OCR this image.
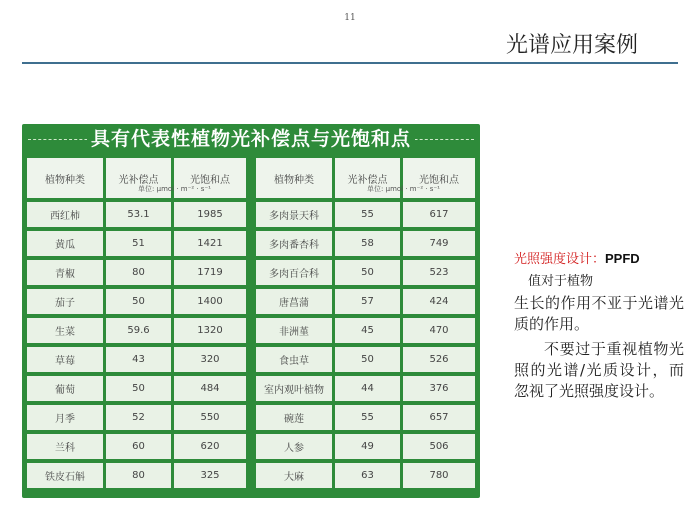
11
光谱应用案例
具有代表性植物光补偿点与光饱和点
植物种类	光补偿点	光饱和点
单位: μmol · m⁻² · s⁻¹
西红柿	53.1	1985
黄瓜	51	1421
青椒	80	1719
茄子	50	1400
生菜	59.6	1320
草莓	43	320
葡萄	50	484
月季	52	550
兰科	60	620
铁皮石斛	80	325
植物种类	光补偿点	光饱和点
单位: μmol · m⁻² · s⁻¹
多肉景天科	55	617
多肉番杏科	58	749
多肉百合科	50	523
唐菖蒲	57	424
非洲堇	45	470
食虫草	50	526
室内观叶植物	44	376
碗莲	55	657
人参	49	506
大麻	63	780
光照强度设计：PPFD
值对于植物
生长的作用不亚于光谱光质的作用。
不要过于重视植物光照的光谱/光质设计，而忽视了光照强度设计。
